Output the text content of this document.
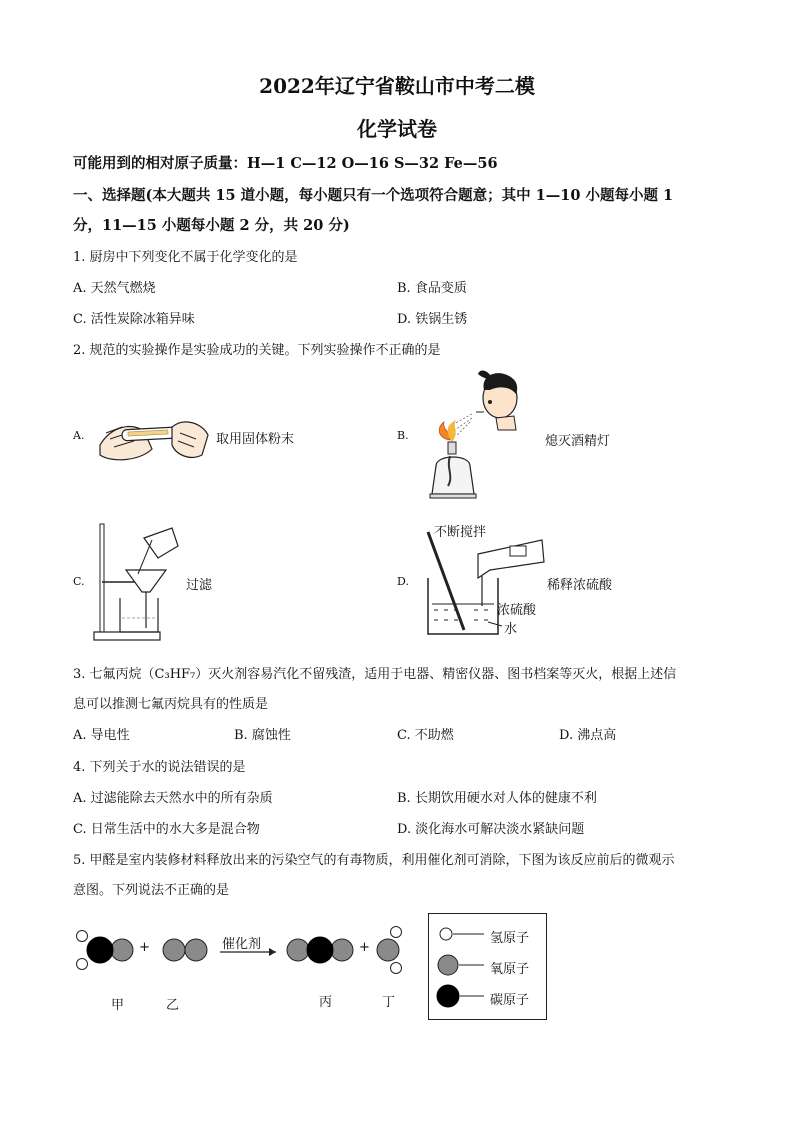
2022年辽宁省鞍山市中考二模
化学试卷
可能用到的相对原子质量：H—1 C—12 O—16 S—32 Fe—56
一、选择题(本大题共 15 道小题，每小题只有一个选项符合题意；其中 1—10 小题每小题 1
分，11—15 小题每小题 2 分，共 20 分)
1. 厨房中下列变化不属于化学变化的是
A. 天然气燃烧	B. 食品变质
C. 活性炭除冰箱异味	D. 铁锅生锈
2. 规范的实验操作是实验成功的关键。下列实验操作不正确的是
A.	取用固体粉末	B.	熄灭酒精灯
C.	过滤	D.
不断搅拌
稀释浓硫酸
浓硫酸
水
3. 七氟丙烷（C₃HF₇）灭火剂容易汽化不留残渣，适用于电器、精密仪器、图书档案等灭火，根据上述信
息可以推测七氟丙烷具有的性质是
A. 导电性	B. 腐蚀性	C. 不助燃	D. 沸点高
4. 下列关于水的说法错误的是
A. 过滤能除去天然水中的所有杂质	B. 长期饮用硬水对人体的健康不利
C. 日常生活中的水大多是混合物	D. 淡化海水可解决淡水紧缺问题
5. 甲醛是室内装修材料释放出来的污染空气的有毒物质，利用催化剂可消除，下图为该反应前后的微观示
意图。下列说法不正确的是
+	催化剂	+
甲	乙	丙	丁
氢原子
氧原子
碳原子
